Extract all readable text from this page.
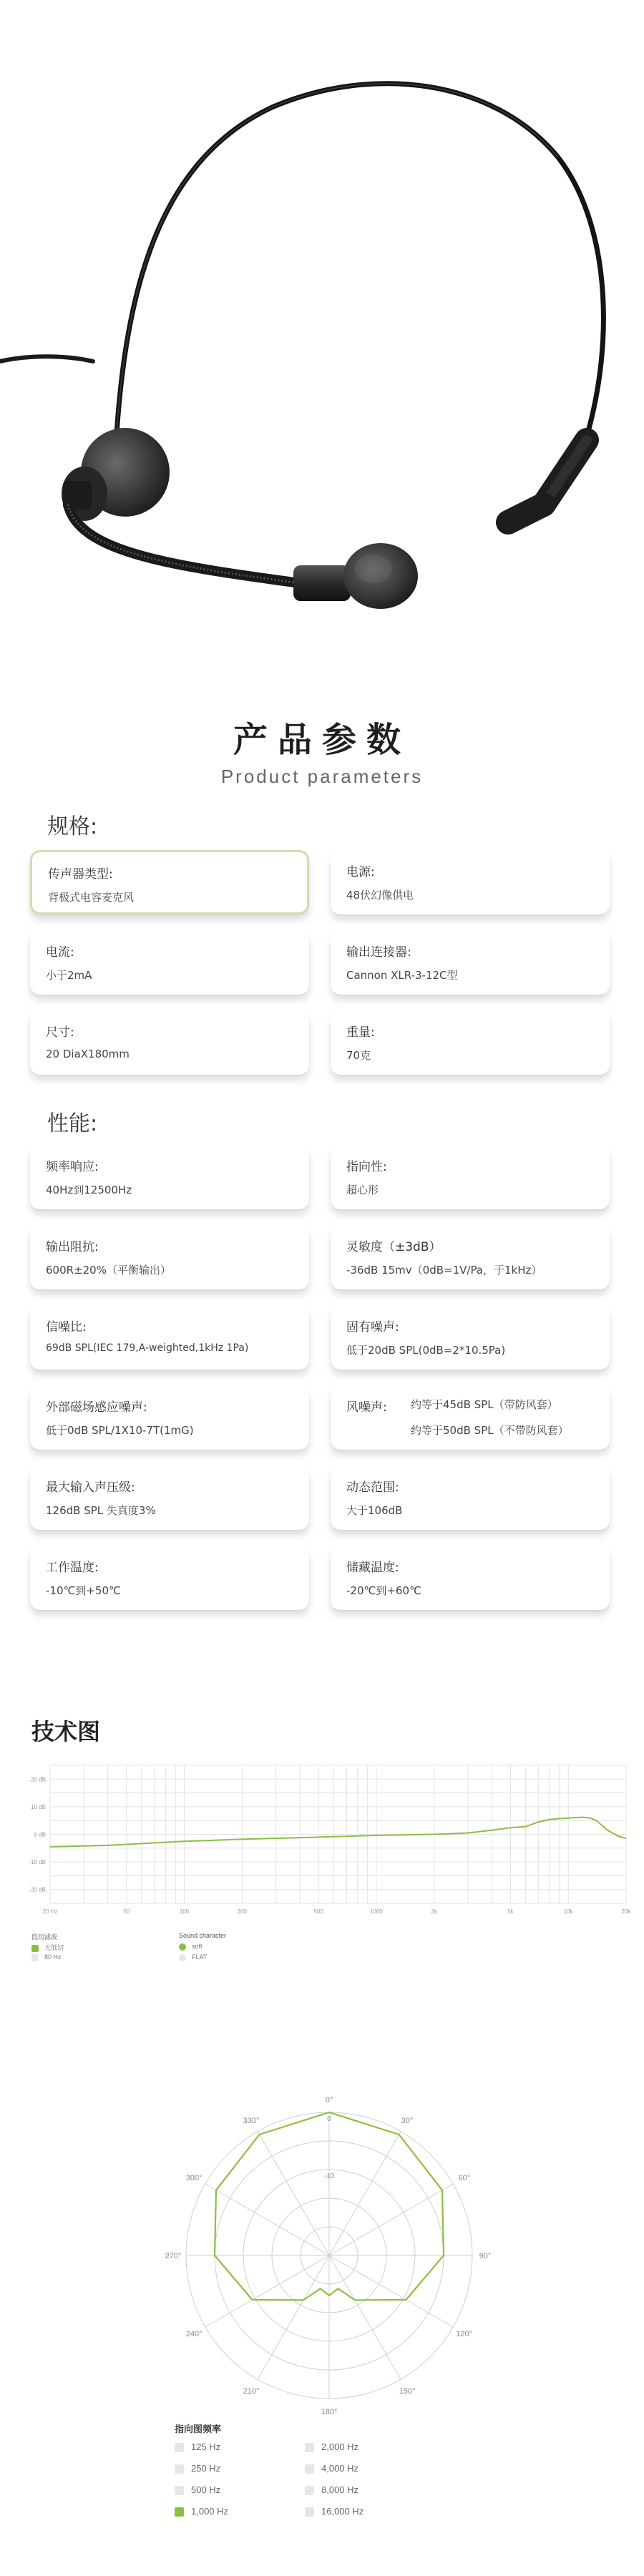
产品参数
Product parameters
规格:
传声器类型:
背极式电容麦克风
电源:
48伏幻像供电
电流:
小于2mA
输出连接器:
Cannon XLR-3-12C型
尺寸:
20 DiaX180mm
重量:
70克
性能:
频率响应:
40Hz到12500Hz
指向性:
超心形
输出阻抗:
600R±20%（平衡输出）
灵敏度（±3dB）
-36dB 15mv（0dB=1V/Pa，于1kHz）
信噪比:
69dB SPL(IEC 179,A-weighted,1kHz 1Pa)
固有噪声:
低于20dB SPL(0dB=2*10.5Pa)
外部磁场感应噪声:
低于0dB SPL/1X10-7T(1mG)
风噪声: 约等于45dB SPL（带防风套）
约等于50dB SPL（不带防风套）
最大输入声压级:
126dB SPL 失真度3%
动态范围:
大于106dB
工作温度:
-10℃到+50℃
储藏温度:
-20℃到+60℃
技术图
20 dB
10 dB
0 dB
-10 dB
-20 dB
20 Hz	50	100	200	500	1000	2k	5k	10k	20k
低切滤波
无低切
80 Hz
Sound character
soft
FLAT
0°
30°
60°
90°
120°
150°
180°
210°
240°
270°
300°
330°	0
-10
指向图频率
125 Hz	2,000 Hz
250 Hz	4,000 Hz
500 Hz	8,000 Hz
1,000 Hz	16,000 Hz
